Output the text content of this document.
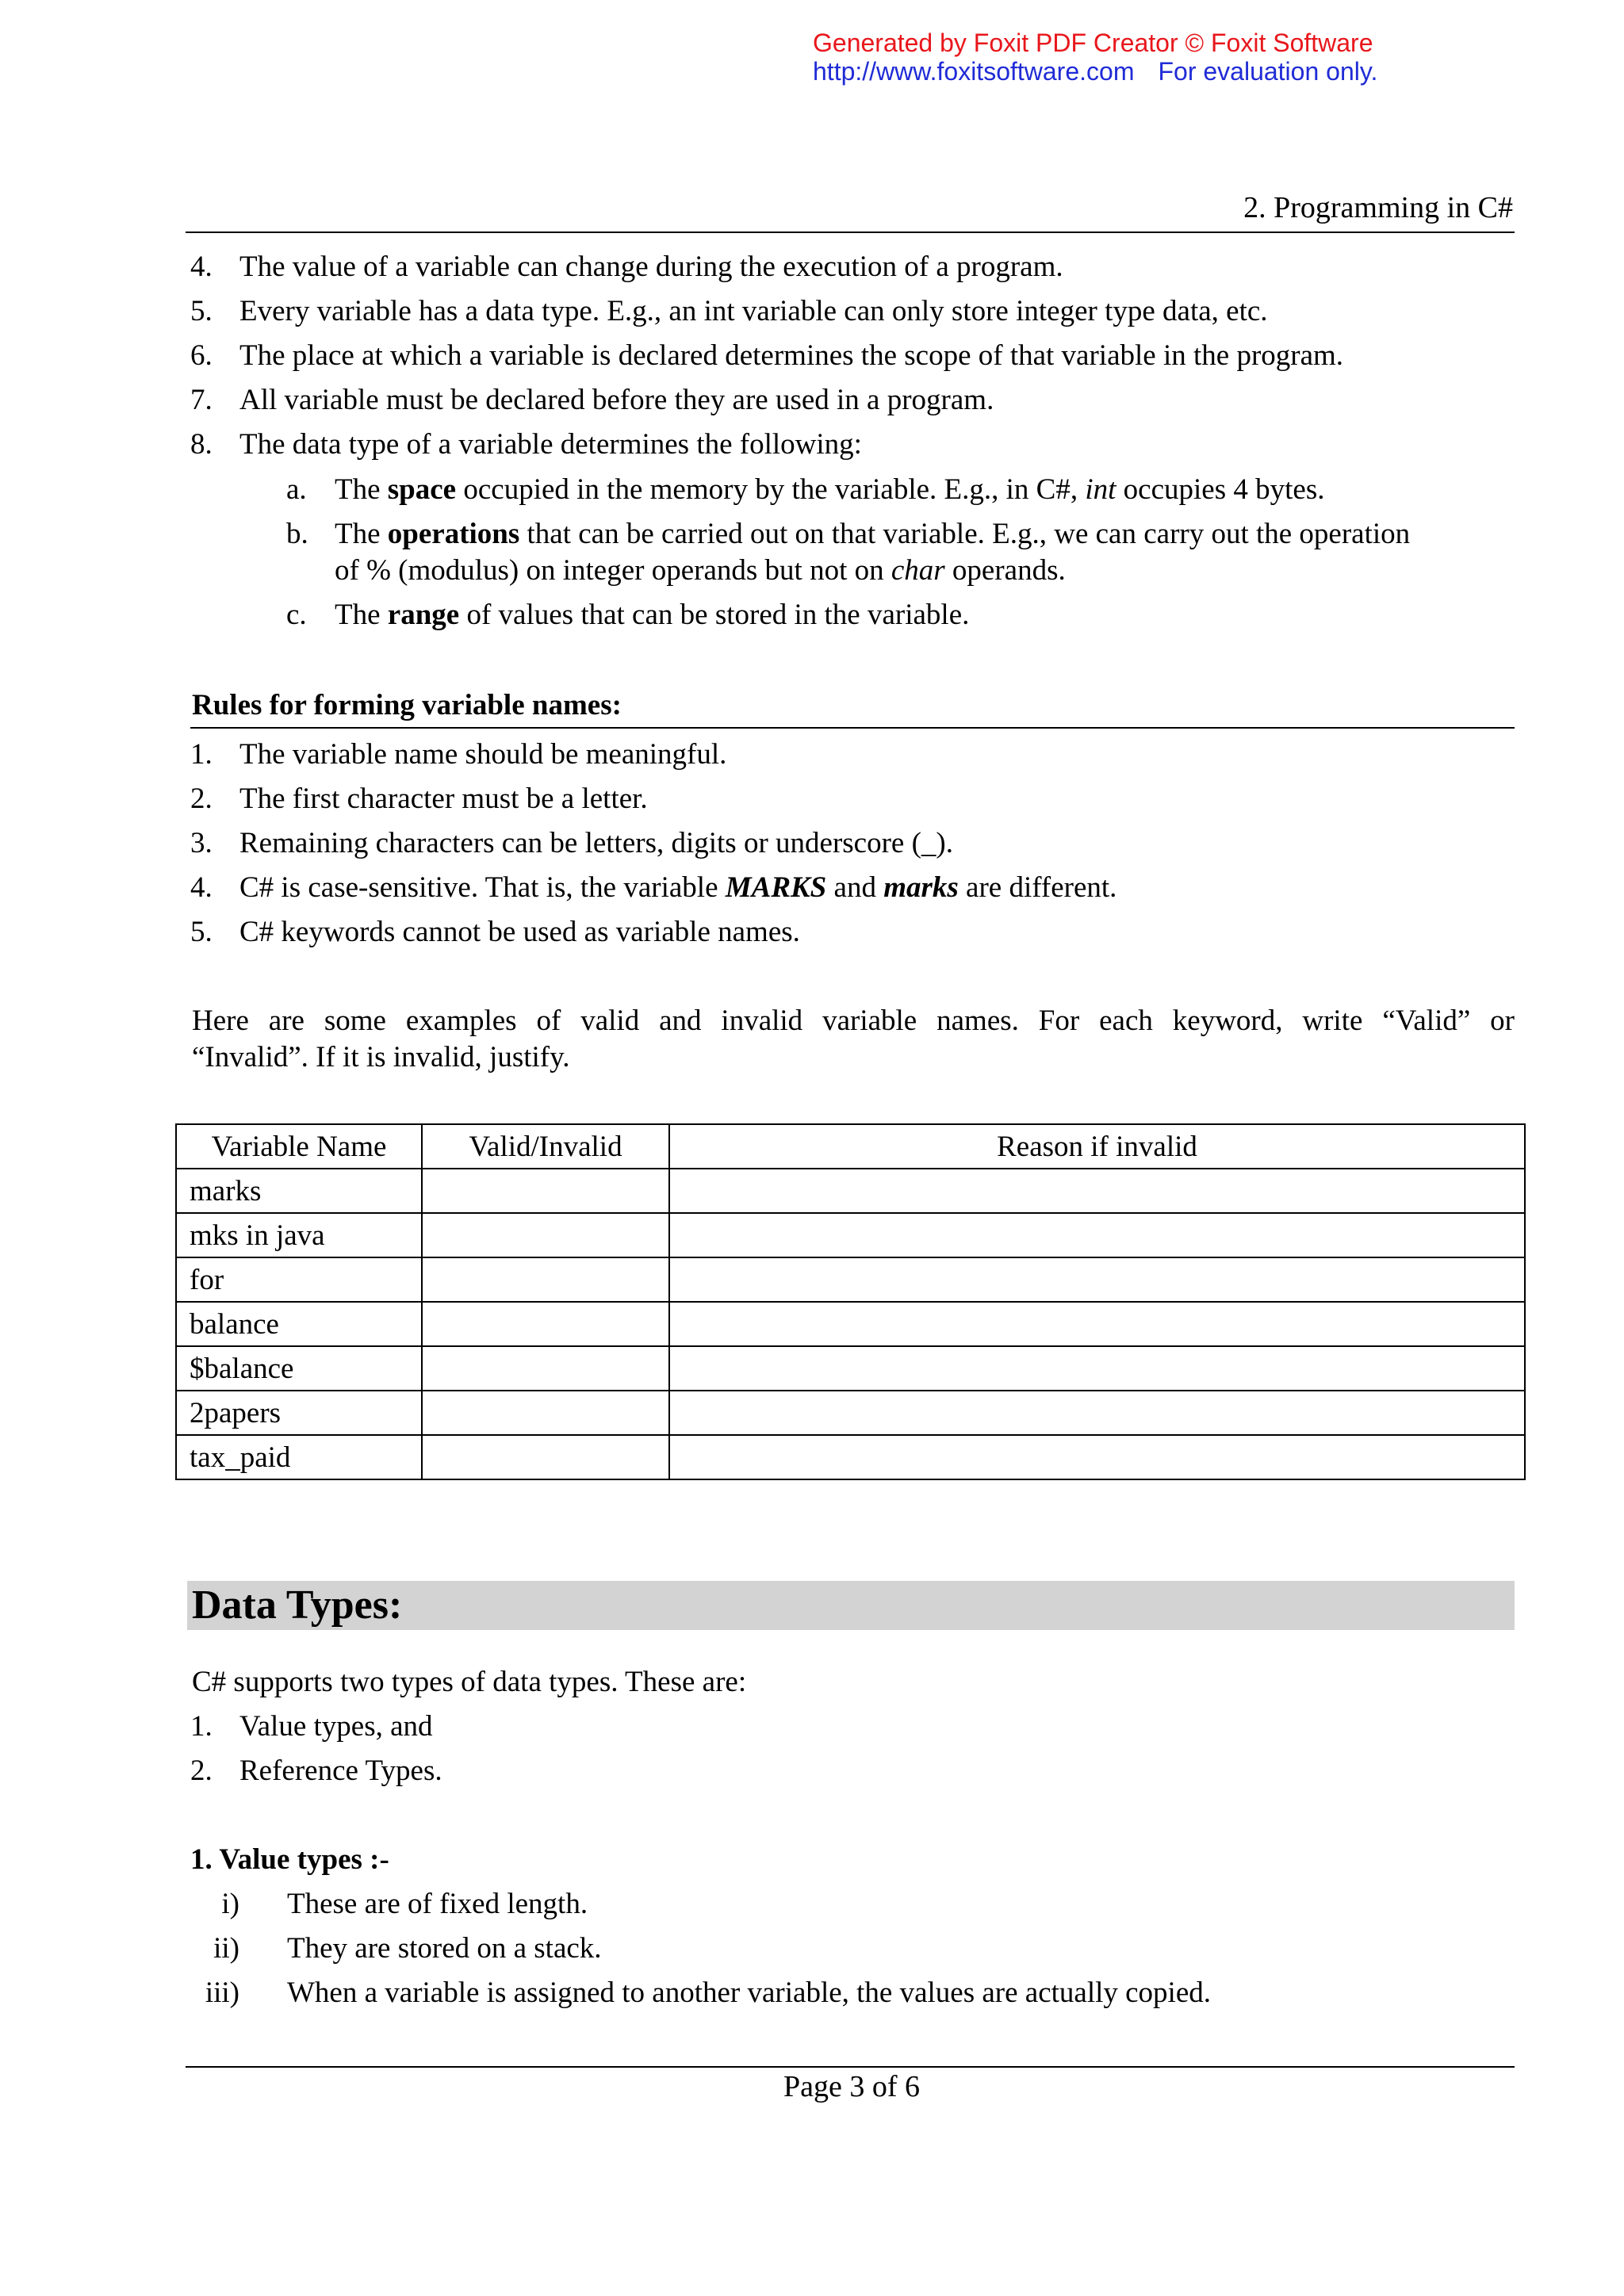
Generated by Foxit PDF Creator © Foxit Software
http://www.foxitsoftware.com For evaluation only.
2. Programming in C#
4. The value of a variable can change during the execution of a program.
5. Every variable has a data type. E.g., an int variable can only store integer type data, etc.
6. The place at which a variable is declared determines the scope of that variable in the program.
7. All variable must be declared before they are used in a program.
8. The data type of a variable determines the following:
a. The space occupied in the memory by the variable. E.g., in C#, int occupies 4 bytes.
b. The operations that can be carried out on that variable. E.g., we can carry out the operation
of % (modulus) on integer operands but not on char operands.
c. The range of values that can be stored in the variable.
Rules for forming variable names:
1. The variable name should be meaningful.
2. The first character must be a letter.
3. Remaining characters can be letters, digits or underscore (_).
4. C# is case-sensitive. That is, the variable MARKS and marks are different.
5. C# keywords cannot be used as variable names.
Here are some examples of valid and invalid variable names. For each keyword, write “Valid” or
“Invalid”. If it is invalid, justify.
Variable Name	Valid/Invalid	Reason if invalid
marks		
mks in java		
for		
balance		
$balance		
2papers		
tax_paid		
Data Types:
C# supports two types of data types. These are:
1. Value types, and
2. Reference Types.
1. Value types :-
i) These are of fixed length.
ii) They are stored on a stack.
iii) When a variable is assigned to another variable, the values are actually copied.
Page 3 of 6
